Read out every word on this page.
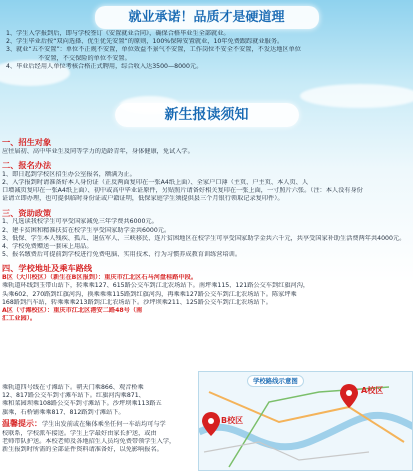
就业承诺！品质才是硬道理
1、学生入学报到后，即与学校签订《安置就业合同》，确保合格毕业生全部就业。
2、学生毕业后按“双向选择、优生优先安置”的原则，100%保障安置就业，10年免费跟踪就业服务。
3、就业“五不安置”：单位不正规不安置，单位效益不景气不安置，工作岗位不安全不安置，不发达地区单位
不安置，不交保险的单位不安置。
4、毕业后经用人单位考核合格正式聘用，综合收入达3500—8000元。
新生报读须知
一、招生对象
应往届初、高中毕业生及同等学力的适龄青年，身体健康，免试入学。
二、报名办法
1、即日起到学校区招生办公室报名，额满为止。
2、入学报到时请准备好本人身份证（正反两面复印在一张A4纸上面）、全家户口薄（主页、户主页、本人页、人
口增减页复印在一张A4纸上面）、初中或高中毕业证原件，另贴照片请备好相关复印在一张上面，一寸照片六张。（注：本人没有身份
证请立即办理，也可提供临时身份证或户籍证明，低保家庭学生须提供县三个月银行领取记录复印件）。
三、资助政策
1、凡选读我校学生可享受国家减免三年学费共6000元。
2、建卡贫困和精准扶贫在校学生享受国家助学金共6000元。
3、低保、学生本人残疾、孤儿、退伍军人、三峡移民、连片贫困地区在校学生可享受国家助学金共六千元，共享受国家补助生活费两年共4000元。
4、学校免费赠送一套床上用品。
5、报名缴费后可提前到学校进行免费电脑、实用技术、行为习惯养成教育训练营培训。
四、学校地址及乘车路线
B区（大川校区）（新生在B区报到）：重庆市江北区石马河盘桂路中段。
乘轨道环线到玉带山站下，转乘乘127、615路公交车到江北农场站下。南坪乘115、121路公交车到红旗河沟，
头乘602、270路到红旗河沟，换乘乘乘115路到红旗河沟，再乘乘127路公交车到江北农场站下。陈家坪乘
168路到汽车站，转乘乘乘213路到江北农场站下。沙坪坝乘211、125路公交车到江北农场站下。
A区（寸滩校区）：重庆市江北区港安二路48号（南
汇工业园）。
乘轨道四号线在寸滩站下。朝天门乘866、观音桥乘
12、817路公交车到寸滩车站下。红旗河沟乘871、
乘和菜园坝乘108路公交车到寸滩站下。沙坪坝乘113路五
旗乘，石桥铺乘乘817、812路到寸滩站下。
温馨提示：学生出发前或在集体乘坐任何一车站均可与学
校联系，学校派车接送。学生上学最好由家长护送，或由
老师带队护送。本校老师及各地招生人员均免费带领学生入学，
新生报到时所需的全部证件资料请准备好，以免影响报名。
学校路线示意图
A校区
B校区
